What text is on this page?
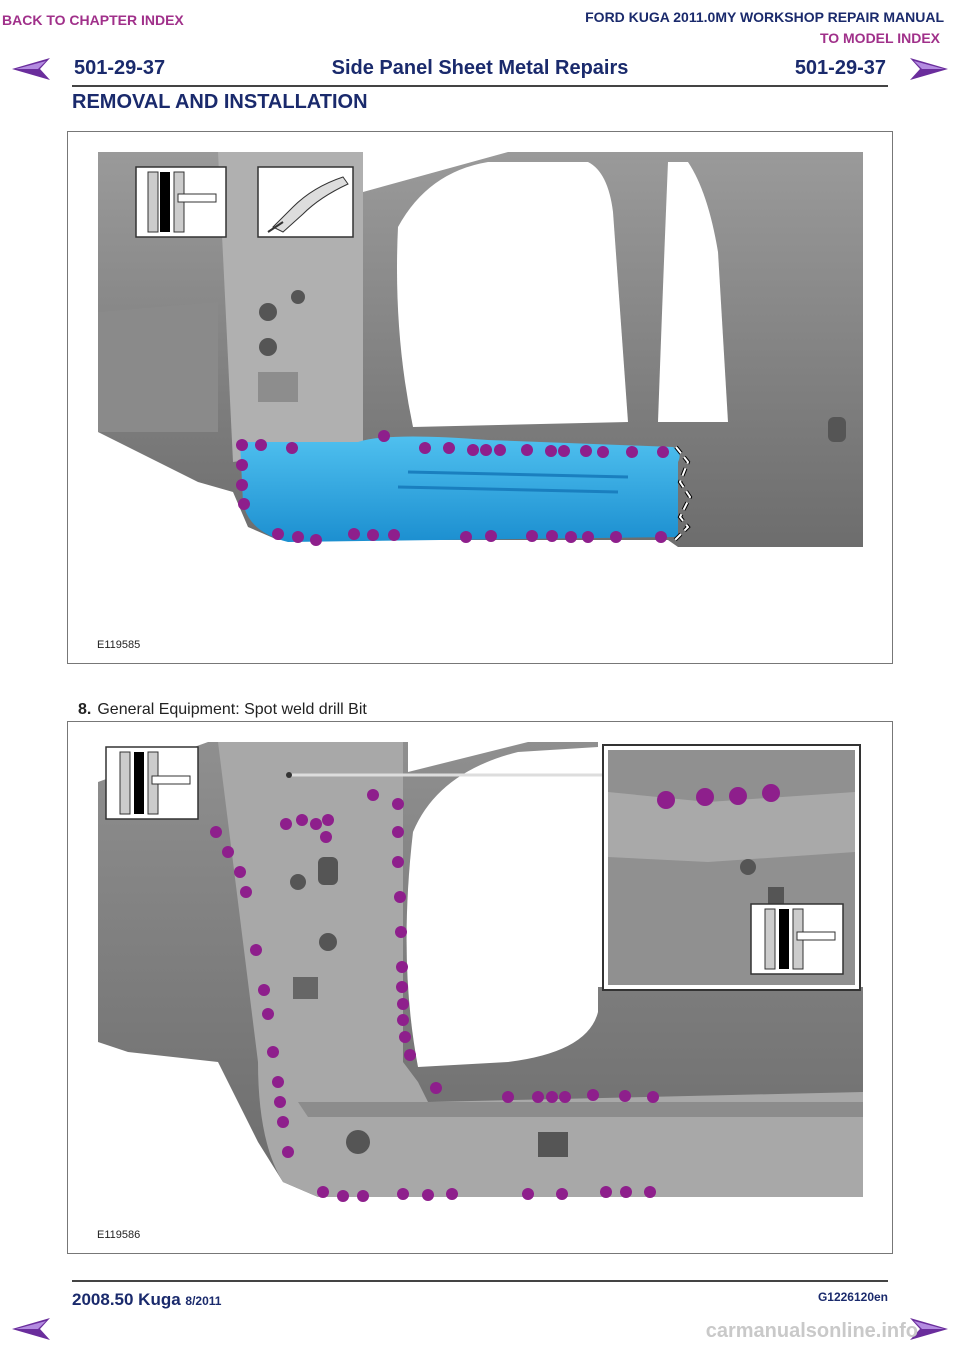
BACK TO CHAPTER INDEX	FORD KUGA 2011.0MY WORKSHOP REPAIR MANUAL
TO MODEL INDEX
501-29-37	Side Panel Sheet Metal Repairs	501-29-37
REMOVAL AND INSTALLATION
E119585
8. General Equipment: Spot weld drill Bit
E119586
2008.50 Kuga 8/2011	G1226120en
carmanualsonline.info
